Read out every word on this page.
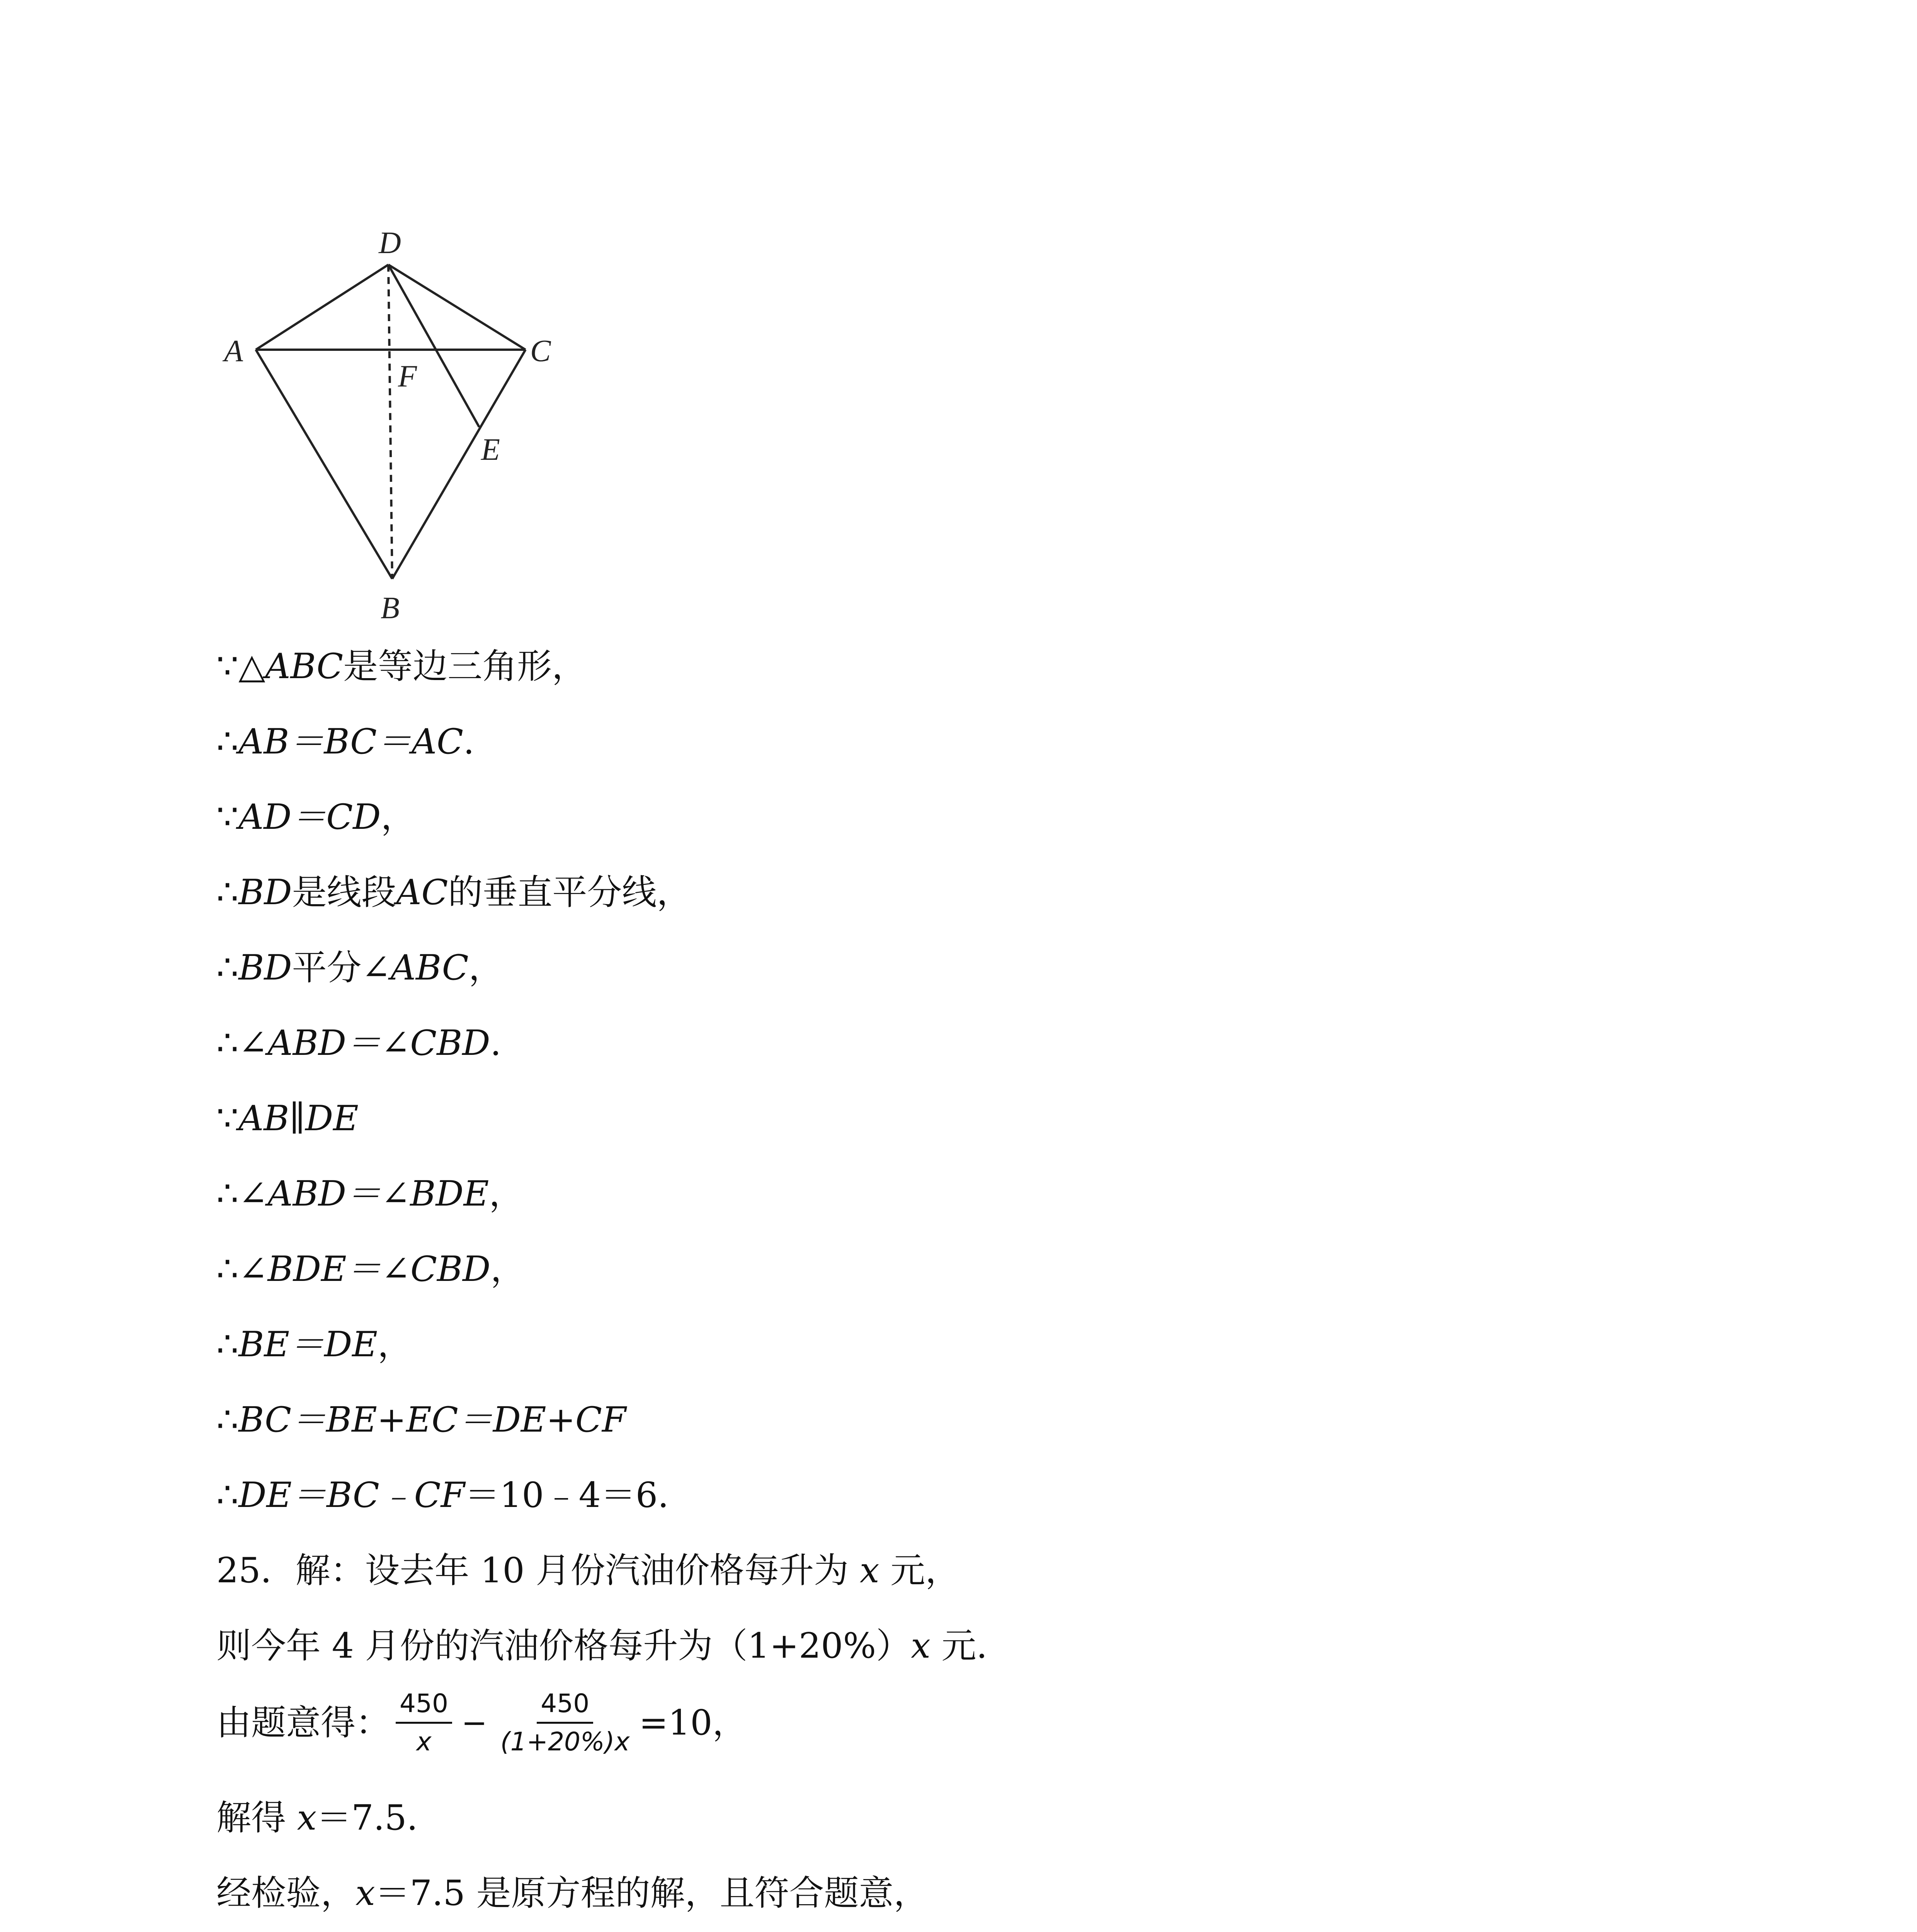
D
A	C
F
E
B
∵△ABC是等边三角形，
∴AB＝BC＝AC.
∵AD＝CD，
∴BD是线段AC的垂直平分线，
∴BD平分∠ABC，
∴∠ABD＝∠CBD.
∵AB∥DE
∴∠ABD＝∠BDE，
∴∠BDE＝∠CBD，
∴BE＝DE，
∴BC＝BE+EC＝DE+CF
∴DE＝BC﹣CF＝10﹣4＝6.
25．解：设去年 10 月份汽油价格每升为 x 元，
则今年 4 月份的汽油价格每升为（1+20%）x 元.
由题意得： $\frac{450}{x} - \frac{450}{(1+20\%)x} =10$，
解得 x＝7.5.
经检验，x＝7.5 是原方程的解，且符合题意，
